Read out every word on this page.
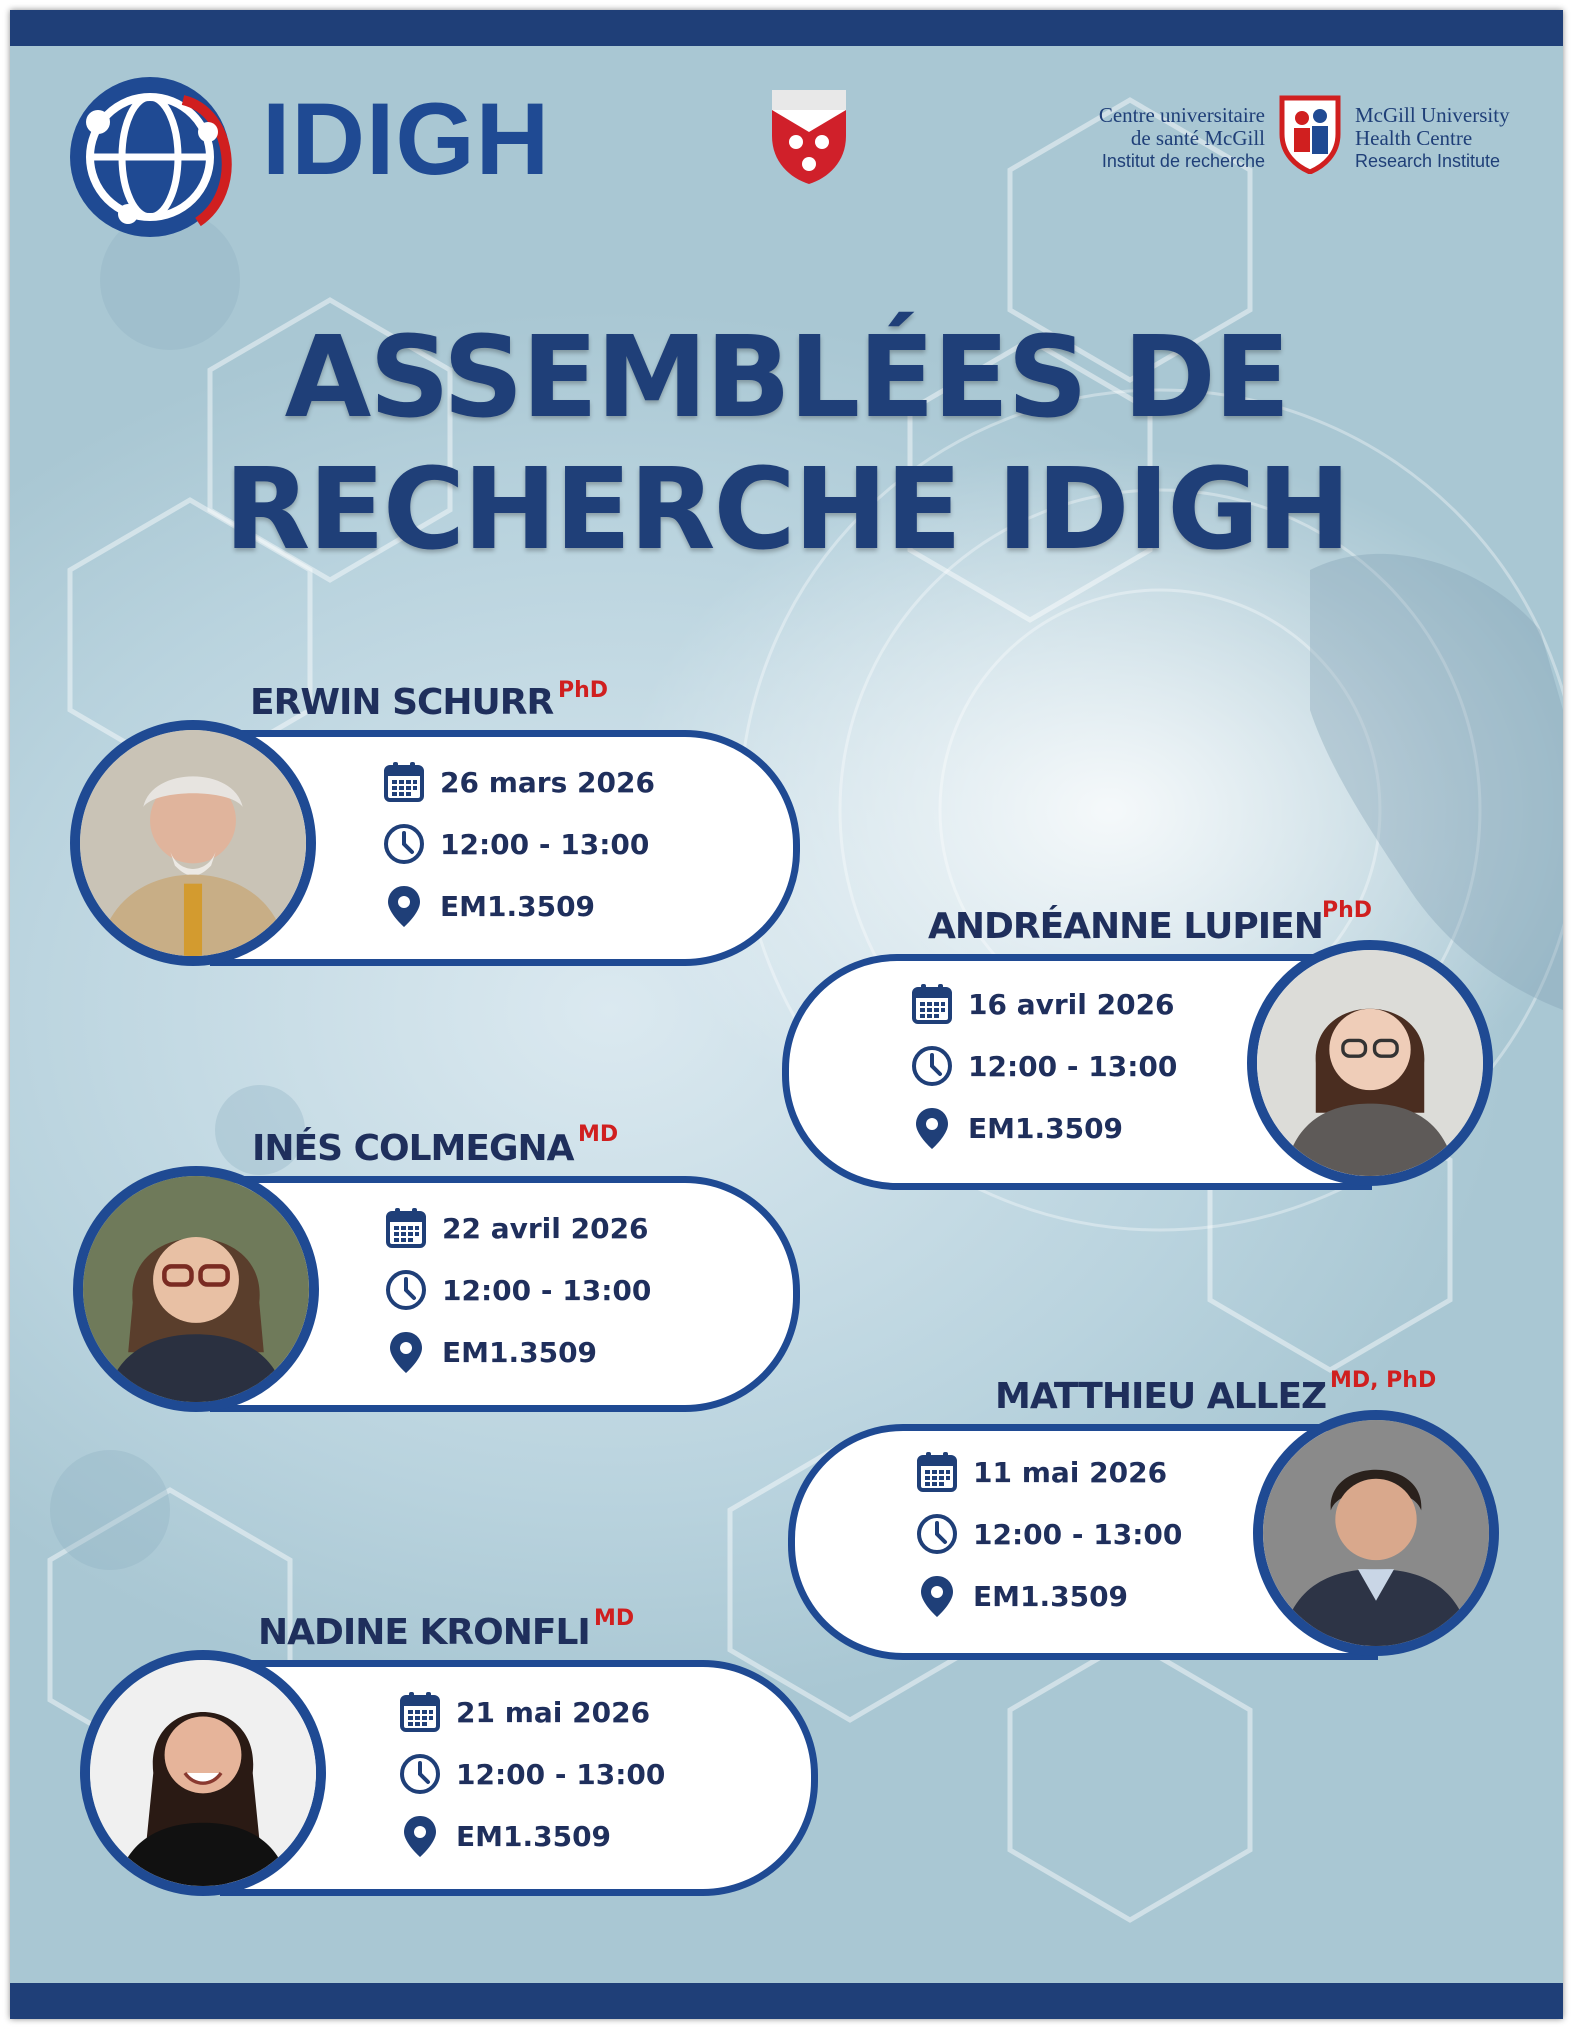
IDIGH	Centre universitaire
de santé McGill
Institut de recherche
McGill University
Health Centre
Research Institute
ASSEMBLÉES DE
RECHERCHE IDIGH
ERWIN SCHURR PhD
26 mars 2026
12:00 - 13:00
EM1.3509	ANDRÉANNE LUPIEN PhD
16 avril 2026
12:00 - 13:00
EM1.3509
INÉS COLMEGNA MD
22 avril 2026
12:00 - 13:00
EM1.3509
MATTHIEU ALLEZ MD, PhD
11 mai 2026
12:00 - 13:00
EM1.3509
NADINE KRONFLI MD
21 mai 2026
12:00 - 13:00
EM1.3509
